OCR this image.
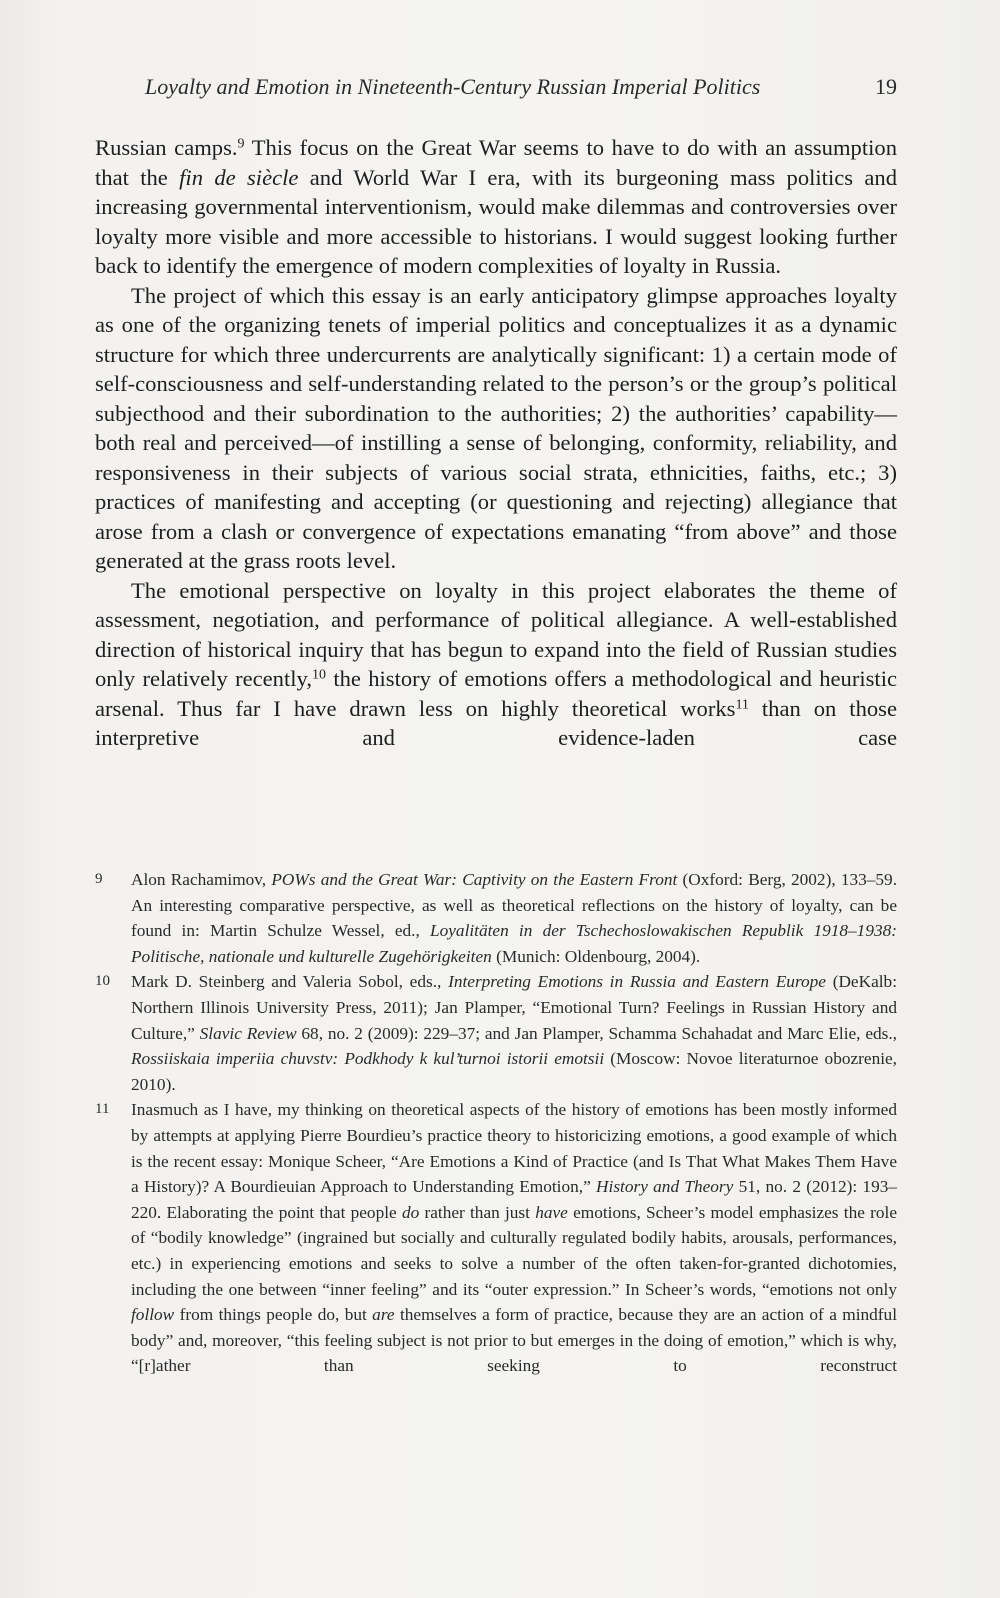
Loyalty and Emotion in Nineteenth-Century Russian Imperial Politics	19

Russian camps.$^9$ This focus on the Great War seems to have to do with an assumption that the fin de siècle and World War I era, with its burgeoning mass politics and increasing governmental interventionism, would make dilemmas and controversies over loyalty more visible and more accessible to historians. I would suggest looking further back to identify the emergence of modern complexities of loyalty in Russia.

The project of which this essay is an early anticipatory glimpse approaches loyalty as one of the organizing tenets of imperial politics and conceptualizes it as a dynamic structure for which three undercurrents are analytically significant: 1) a certain mode of self-consciousness and self-understanding related to the person’s or the group’s political subjecthood and their subordination to the authorities; 2) the authorities’ capability—both real and perceived—of instilling a sense of belonging, conformity, reliability, and responsiveness in their subjects of various social strata, ethnicities, faiths, etc.; 3) practices of manifesting and accepting (or questioning and rejecting) allegiance that arose from a clash or convergence of expectations emanating “from above” and those generated at the grass roots level.

The emotional perspective on loyalty in this project elaborates the theme of assessment, negotiation, and performance of political allegiance. A well-established direction of historical inquiry that has begun to expand into the field of Russian studies only relatively recently,$^{10}$ the history of emotions offers a methodological and heuristic arsenal. Thus far I have drawn less on highly theoretical works$^{11}$ than on those interpretive and evidence-laden case

9 Alon Rachamimov, POWs and the Great War: Captivity on the Eastern Front (Oxford: Berg, 2002), 133–59. An interesting comparative perspective, as well as theoretical reflections on the history of loyalty, can be found in: Martin Schulze Wessel, ed., Loyalitäten in der Tschechoslowakischen Republik 1918–1938: Politische, nationale und kulturelle Zugehörigkeiten (Munich: Oldenbourg, 2004).
10 Mark D. Steinberg and Valeria Sobol, eds., Interpreting Emotions in Russia and Eastern Europe (DeKalb: Northern Illinois University Press, 2011); Jan Plamper, “Emotional Turn? Feelings in Russian History and Culture,” Slavic Review 68, no. 2 (2009): 229–37; and Jan Plamper, Schamma Schahadat and Marc Elie, eds., Rossiiskaia imperiia chuvstv: Podkhody k kul’turnoi istorii emotsii (Moscow: Novoe literaturnoe obozrenie, 2010).
11 Inasmuch as I have, my thinking on theoretical aspects of the history of emotions has been mostly informed by attempts at applying Pierre Bourdieu’s practice theory to historicizing emotions, a good example of which is the recent essay: Monique Scheer, “Are Emotions a Kind of Practice (and Is That What Makes Them Have a History)? A Bourdieuian Approach to Understanding Emotion,” History and Theory 51, no. 2 (2012): 193–220. Elaborating the point that people do rather than just have emotions, Scheer’s model emphasizes the role of “bodily knowledge” (ingrained but socially and culturally regulated bodily habits, arousals, performances, etc.) in experiencing emotions and seeks to solve a number of the often taken-for-granted dichotomies, including the one between “inner feeling” and its “outer expression.” In Scheer’s words, “emotions not only follow from things people do, but are themselves a form of practice, because they are an action of a mindful body” and, moreover, “this feeling subject is not prior to but emerges in the doing of emotion,” which is why, “[r]ather than seeking to reconstruct
